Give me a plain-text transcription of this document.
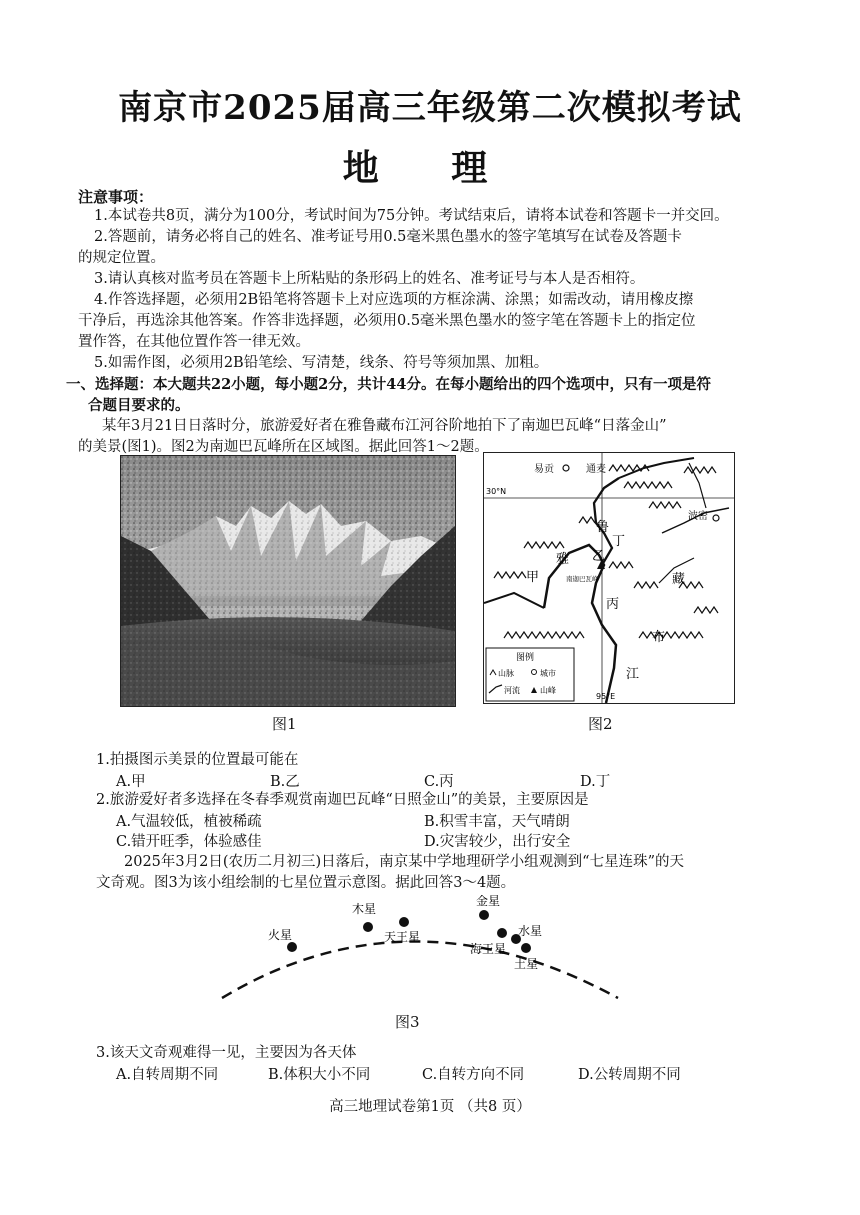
南京市2025届高三年级第二次模拟考试
地 理
注意事项：
1.本试卷共8页，满分为100分，考试时间为75分钟。考试结束后，请将本试卷和答题卡一并交回。
2.答题前，请务必将自己的姓名、准考证号用0.5毫米黑色墨水的签字笔填写在试卷及答题卡
的规定位置。
3.请认真核对监考员在答题卡上所粘贴的条形码上的姓名、准考证号与本人是否相符。
4.作答选择题，必须用2B铅笔将答题卡上对应选项的方框涂满、涂黑；如需改动，请用橡皮擦
干净后，再选涂其他答案。作答非选择题，必须用0.5毫米黑色墨水的签字笔在答题卡上的指定位
置作答，在其他位置作答一律无效。
5.如需作图，必须用2B铅笔绘、写清楚，线条、符号等须加黑、加粗。
一、选择题：本大题共22小题，每小题2分，共计44分。在每小题给出的四个选项中，只有一项是符
合题目要求的。
某年3月21日日落时分，旅游爱好者在雅鲁藏布江河谷阶地拍下了南迦巴瓦峰“日落金山”
的美景(图1)。图2为南迦巴瓦峰所在区域图。据此回答1～2题。
图1
易贡	通麦
波密
30°N
95°E
鲁
丁
雅
藏
布
江
甲
乙
丙
南迦巴瓦峰
图例
山脉	城市
河流	山峰
图2
1.拍摄图示美景的位置最可能在
A.甲	B.乙	C.丙	D.丁
2.旅游爱好者多选择在冬春季观赏南迦巴瓦峰“日照金山”的美景，主要原因是
A.气温较低，植被稀疏	B.积雪丰富，天气晴朗
C.错开旺季，体验感佳	D.灾害较少，出行安全
2025年3月2日(农历二月初三)日落后，南京某中学地理研学小组观测到“七星连珠”的天
文奇观。图3为该小组绘制的七星位置示意图。据此回答3～4题。
火星
木星
天王星
金星
海王星
水星
土星
图3
3.该天文奇观难得一见，主要因为各天体
A.自转周期不同	B.体积大小不同	C.自转方向不同	D.公转周期不同
高三地理试卷第1页 （共8 页）
